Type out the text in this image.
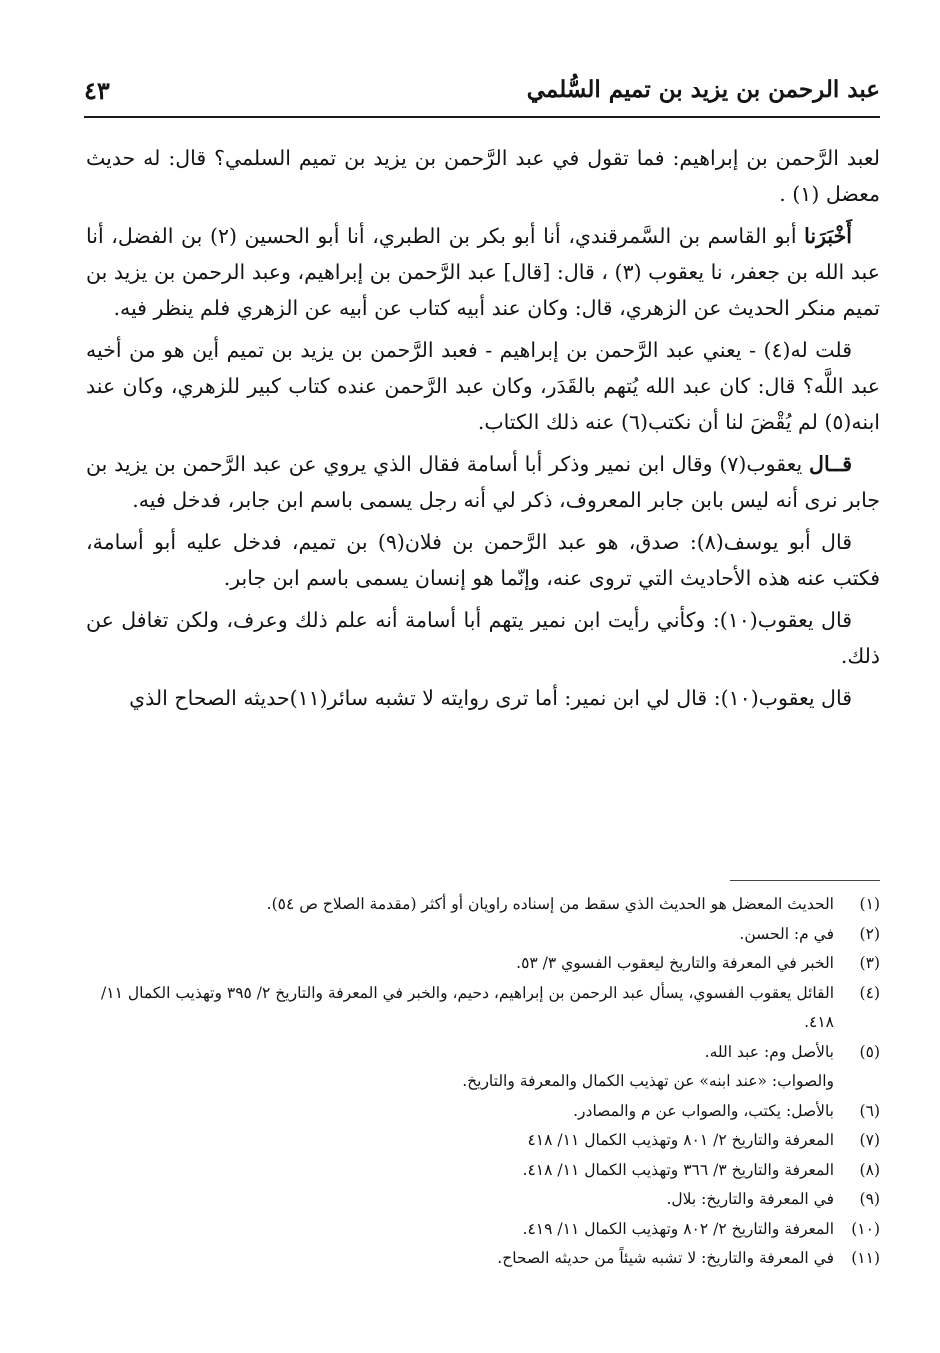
عبد الرحمن بن يزيد بن تميم السُّلمي
٤٣

لعبد الرَّحمن بن إبراهيم: فما تقول في عبد الرَّحمن بن يزيد بن تميم السلمي؟ قال: له حديث معضل (١) .

أَخْبَرَنا أبو القاسم بن السَّمرقندي، أنا أبو بكر بن الطبري، أنا أبو الحسين (٢) بن الفضل، أنا عبد الله بن جعفر، نا يعقوب (٣) ، قال: [قال] عبد الرَّحمن بن إبراهيم، وعبد الرحمن بن يزيد بن تميم منكر الحديث عن الزهري، قال: وكان عند أبيه كتاب عن أبيه عن الزهري فلم ينظر فيه.

قلت له(٤) - يعني عبد الرَّحمن بن إبراهيم - فعبد الرَّحمن بن يزيد بن تميم أين هو من أخيه عبد اللَّه؟ قال: كان عبد الله يُتهم بالقَدَر، وكان عبد الرَّحمن عنده كتاب كبير للزهري، وكان عند ابنه(٥) لم يُقْضَ لنا أن نكتب(٦) عنه ذلك الكتاب.

قــال يعقوب(٧) وقال ابن نمير وذكر أبا أسامة فقال الذي يروي عن عبد الرَّحمن بن يزيد بن جابر نرى أنه ليس بابن جابر المعروف، ذكر لي أنه رجل يسمى باسم ابن جابر، فدخل فيه.

قال أبو يوسف(٨): صدق، هو عبد الرَّحمن بن فلان(٩) بن تميم، فدخل عليه أبو أسامة، فكتب عنه هذه الأحاديث التي تروى عنه، وإنّما هو إنسان يسمى باسم ابن جابر.

قال يعقوب(١٠): وكأني رأيت ابن نمير يتهم أبا أسامة أنه علم ذلك وعرف، ولكن تغافل عن ذلك.

قال يعقوب(١٠): قال لي ابن نمير: أما ترى روايته لا تشبه سائر(١١)حديثه الصحاح الذي

(١)
الحديث المعضل هو الحديث الذي سقط من إسناده راويان أو أكثر (مقدمة الصلاح ص ٥٤).
(٢)
في م: الحسن.
(٣)
الخبر في المعرفة والتاريخ ليعقوب الفسوي ٣/ ٥٣.
(٤)
القائل يعقوب الفسوي، يسأل عبد الرحمن بن إبراهيم، دحيم، والخبر في المعرفة والتاريخ ٢/ ٣٩٥ وتهذيب الكمال ١١/ ٤١٨.
(٥)
بالأصل وم: عبد الله.
والصواب: «عند ابنه» عن تهذيب الكمال والمعرفة والتاريخ.
(٦)
بالأصل: يكتب، والصواب عن م والمصادر.
(٧)
المعرفة والتاريخ ٢/ ٨٠١ وتهذيب الكمال ١١/ ٤١٨
(٨)
المعرفة والتاريخ ٣/ ٣٦٦ وتهذيب الكمال ١١/ ٤١٨.
(٩)
في المعرفة والتاريخ: بلال.
(١٠)
المعرفة والتاريخ ٢/ ٨٠٢ وتهذيب الكمال ١١/ ٤١٩.
(١١)
في المعرفة والتاريخ: لا تشبه شيئاً من حديثه الصحاح.
